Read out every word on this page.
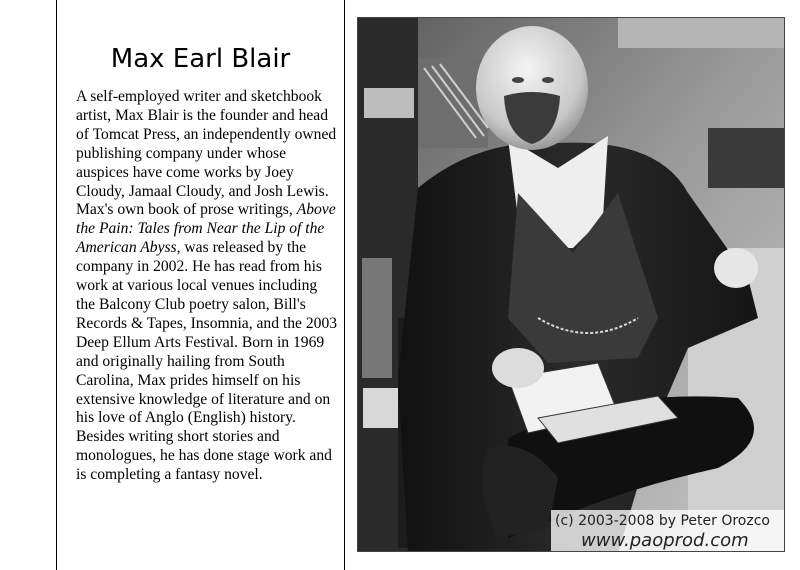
Max Earl Blair

A self-employed writer and sketchbook artist, Max Blair is the founder and head of Tomcat Press, an independently owned publishing company under whose auspices have come works by Joey Cloudy, Jamaal Cloudy, and Josh Lewis. Max's own book of prose writings, Above the Pain: Tales from Near the Lip of the American Abyss, was released by the company in 2002. He has read from his work at various local venues including the Balcony Club poetry salon, Bill's Records & Tapes, Insomnia, and the 2003 Deep Ellum Arts Festival. Born in 1969 and originally hailing from South Carolina, Max prides himself on his extensive knowledge of literature and on his love of Anglo (English) history. Besides writing short stories and monologues, he has done stage work and is completing a fantasy novel.

(c) 2003-2008 by Peter Orozco
www.paoprod.com
